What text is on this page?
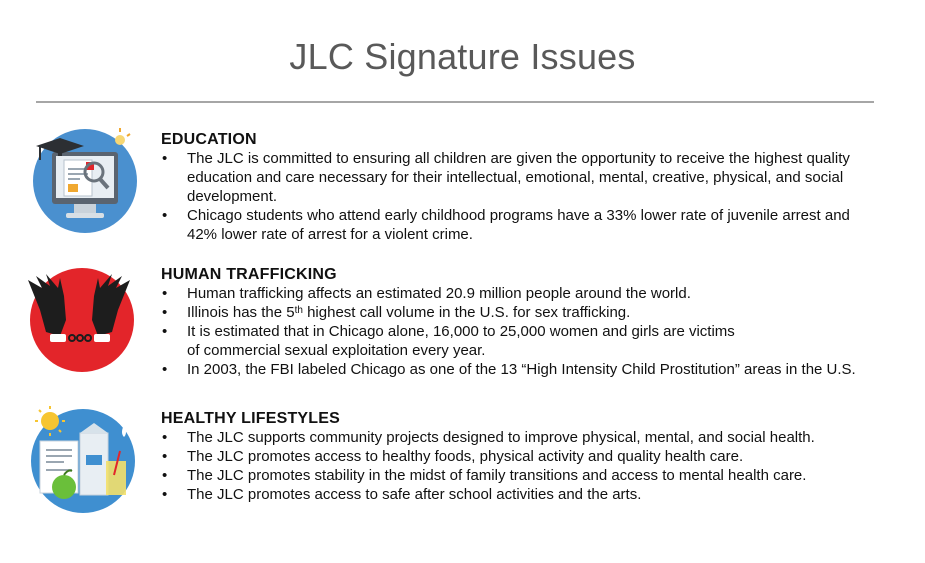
JLC Signature Issues
EDUCATION
• The JLC is committed to ensuring all children are given the opportunity to receive the highest quality education and care necessary for their intellectual, emotional, mental, creative, physical, and social development.
• Chicago students who attend early childhood programs have a 33% lower rate of juvenile arrest and 42% lower rate of arrest for a violent crime.
HUMAN TRAFFICKING
• Human trafficking affects an estimated 20.9 million people around the world.
• Illinois has the 5th highest call volume in the U.S. for sex trafficking.
• It is estimated that in Chicago alone, 16,000 to 25,000 women and girls are victims of commercial sexual exploitation every year.
• In 2003, the FBI labeled Chicago as one of the 13 “High Intensity Child Prostitution” areas in the U.S.
HEALTHY LIFESTYLES
• The JLC supports community projects designed to improve physical, mental, and social health.
• The JLC promotes access to healthy foods, physical activity and quality health care.
• The JLC promotes stability in the midst of family transitions and access to mental health care.
• The JLC promotes access to safe after school activities and the arts.
